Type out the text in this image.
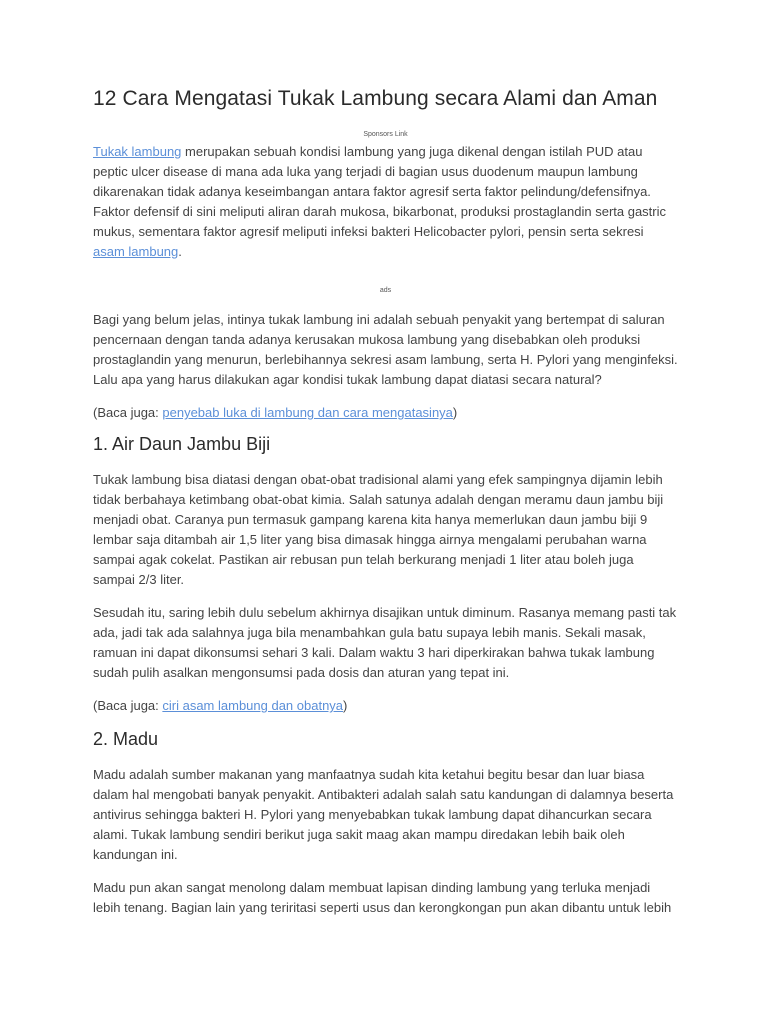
12 Cara Mengatasi Tukak Lambung secara Alami dan Aman
Sponsors Link

Tukak lambung merupakan sebuah kondisi lambung yang juga dikenal dengan istilah PUD atau peptic ulcer disease di mana ada luka yang terjadi di bagian usus duodenum maupun lambung dikarenakan tidak adanya keseimbangan antara faktor agresif serta faktor pelindung/defensifnya. Faktor defensif di sini meliputi aliran darah mukosa, bikarbonat, produksi prostaglandin serta gastric mukus, sementara faktor agresif meliputi infeksi bakteri Helicobacter pylori, pensin serta sekresi asam lambung.

ads

Bagi yang belum jelas, intinya tukak lambung ini adalah sebuah penyakit yang bertempat di saluran pencernaan dengan tanda adanya kerusakan mukosa lambung yang disebabkan oleh produksi prostaglandin yang menurun, berlebihannya sekresi asam lambung, serta H. Pylori yang menginfeksi. Lalu apa yang harus dilakukan agar kondisi tukak lambung dapat diatasi secara natural?

(Baca juga: penyebab luka di lambung dan cara mengatasinya)

1. Air Daun Jambu Biji

Tukak lambung bisa diatasi dengan obat-obat tradisional alami yang efek sampingnya dijamin lebih tidak berbahaya ketimbang obat-obat kimia. Salah satunya adalah dengan meramu daun jambu biji menjadi obat. Caranya pun termasuk gampang karena kita hanya memerlukan daun jambu biji 9 lembar saja ditambah air 1,5 liter yang bisa dimasak hingga airnya mengalami perubahan warna sampai agak cokelat. Pastikan air rebusan pun telah berkurang menjadi 1 liter atau boleh juga sampai 2/3 liter.

Sesudah itu, saring lebih dulu sebelum akhirnya disajikan untuk diminum. Rasanya memang pasti tak ada, jadi tak ada salahnya juga bila menambahkan gula batu supaya lebih manis. Sekali masak, ramuan ini dapat dikonsumsi sehari 3 kali. Dalam waktu 3 hari diperkirakan bahwa tukak lambung sudah pulih asalkan mengonsumsi pada dosis dan aturan yang tepat ini.

(Baca juga: ciri asam lambung dan obatnya)

2. Madu

Madu adalah sumber makanan yang manfaatnya sudah kita ketahui begitu besar dan luar biasa dalam hal mengobati banyak penyakit. Antibakteri adalah salah satu kandungan di dalamnya beserta antivirus sehingga bakteri H. Pylori yang menyebabkan tukak lambung dapat dihancurkan secara alami. Tukak lambung sendiri berikut juga sakit maag akan mampu diredakan lebih baik oleh kandungan ini.

Madu pun akan sangat menolong dalam membuat lapisan dinding lambung yang terluka menjadi lebih tenang. Bagian lain yang teriritasi seperti usus dan kerongkongan pun akan dibantu untuk lebih
